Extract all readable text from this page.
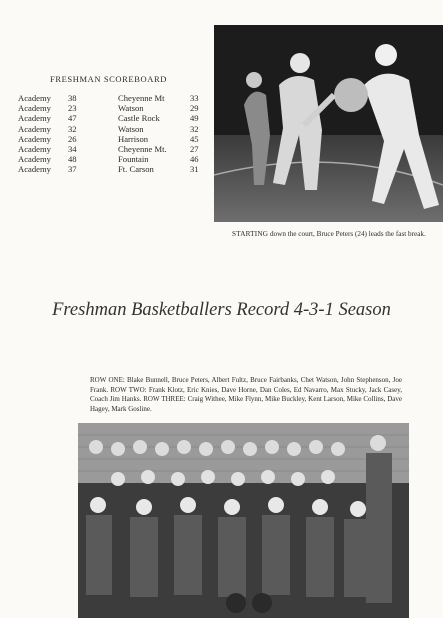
FRESHMAN SCOREBOARD
Academy	38	Cheyenne Mt	33
Academy	23	Watson	29
Academy	47	Castle Rock	49
Academy	32	Watson	32
Academy	26	Harrison	45
Academy	34	Cheyenne Mt.	27
Academy	48	Fountain	46
Academy	37	Ft. Carson	31
STARTING down the court, Bruce Peters (24) leads the fast break.
Freshman Basketballers Record 4-3-1 Season
ROW ONE: Blake Bunnell, Bruce Peters, Albert Fultz, Bruce Fairbanks, Chet Watson, John Stephenson, Joe Frank. ROW TWO: Frank Klotz, Eric Knies, Dave Horne, Dan Coles, Ed Navarro, Max Stucky, Jack Casey, Coach Jim Hanks. ROW THREE: Craig Withee, Mike Flynn, Mike Buckley, Kent Larson, Mike Collins, Dave Hagey, Mark Gosline.
